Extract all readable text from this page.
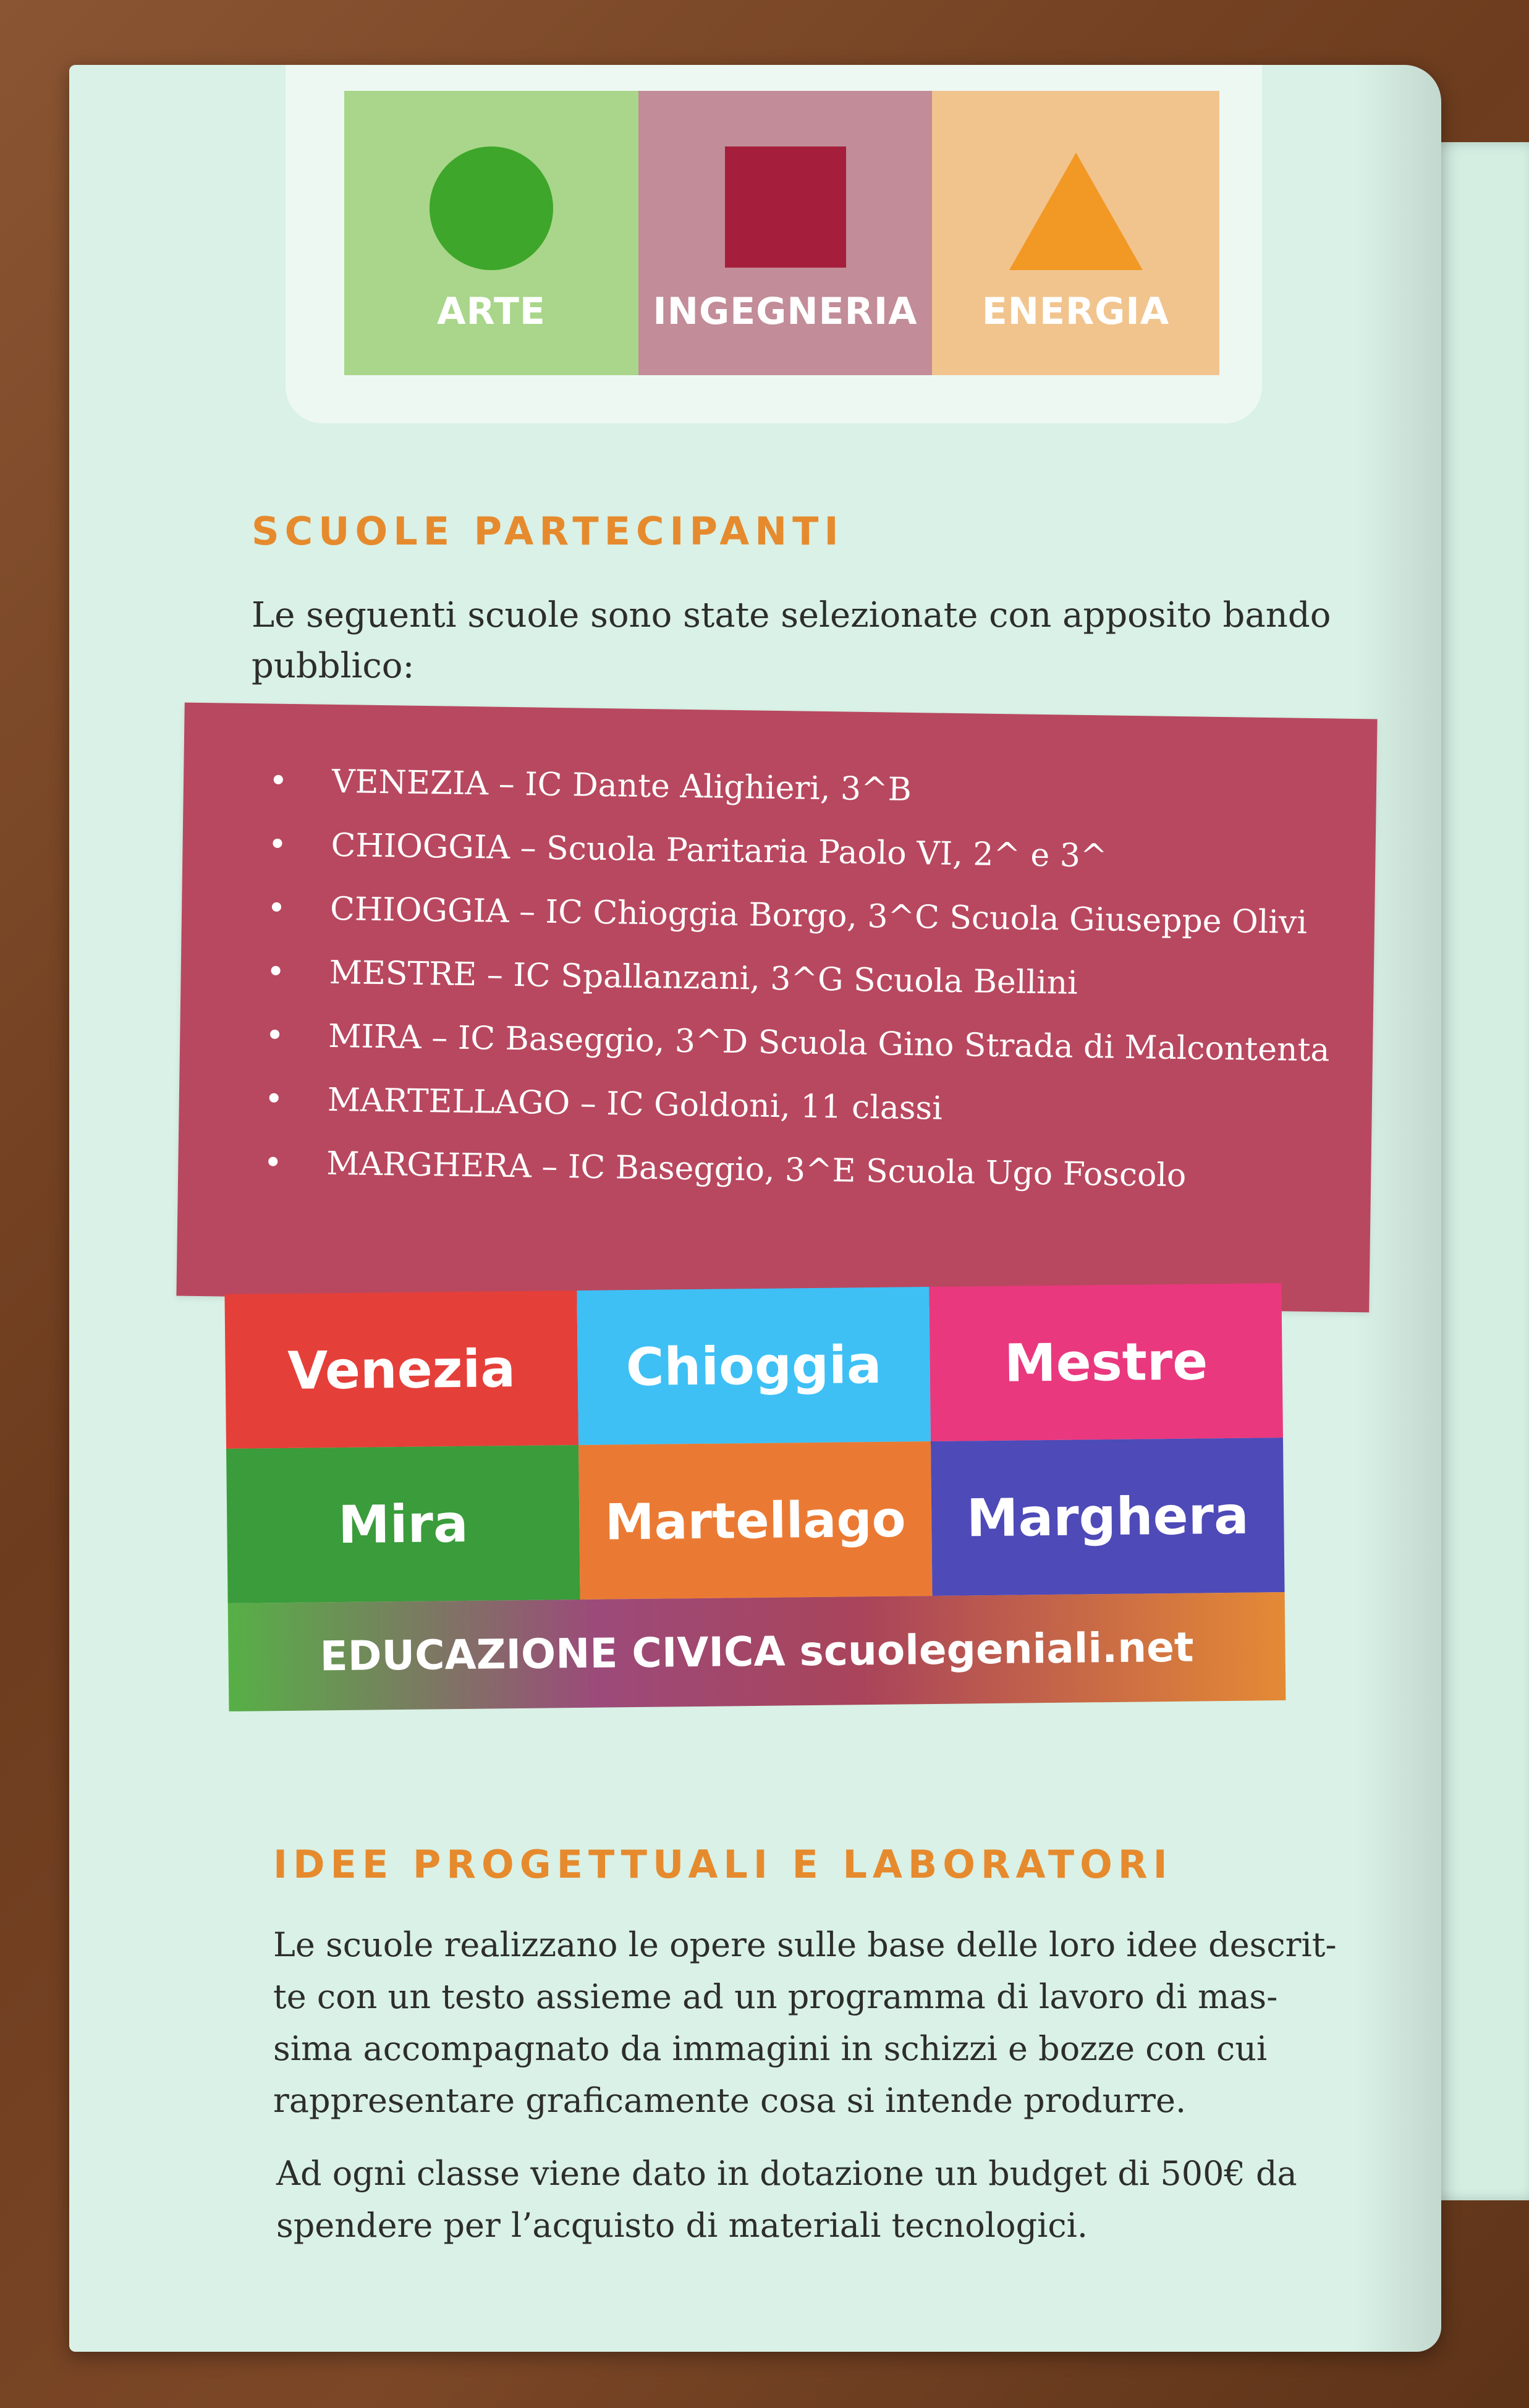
ARTE	INGEGNERIA	ENERGIA
SCUOLE PARTECIPANTI
Le seguenti scuole sono state selezionate con apposito bando
pubblico:
• VENEZIA – IC Dante Alighieri, 3^B
• CHIOGGIA – Scuola Paritaria Paolo VI, 2^ e 3^
• CHIOGGIA – IC Chioggia Borgo, 3^C Scuola Giuseppe Olivi
• MESTRE – IC Spallanzani, 3^G Scuola Bellini
• MIRA – IC Baseggio, 3^D Scuola Gino Strada di Malcontenta
• MARTELLAGO – IC Goldoni, 11 classi
• MARGHERA – IC Baseggio, 3^E Scuola Ugo Foscolo
Venezia	Chioggia	Mestre
Mira	Martellago	Marghera
EDUCAZIONE CIVICA scuolegeniali.net
IDEE PROGETTUALI E LABORATORI
Le scuole realizzano le opere sulle base delle loro idee descrit-
te con un testo assieme ad un programma di lavoro di mas-
sima accompagnato da immagini in schizzi e bozze con cui
rappresentare graficamente cosa si intende produrre.
Ad ogni classe viene dato in dotazione un budget di 500€ da
spendere per l’acquisto di materiali tecnologici.
